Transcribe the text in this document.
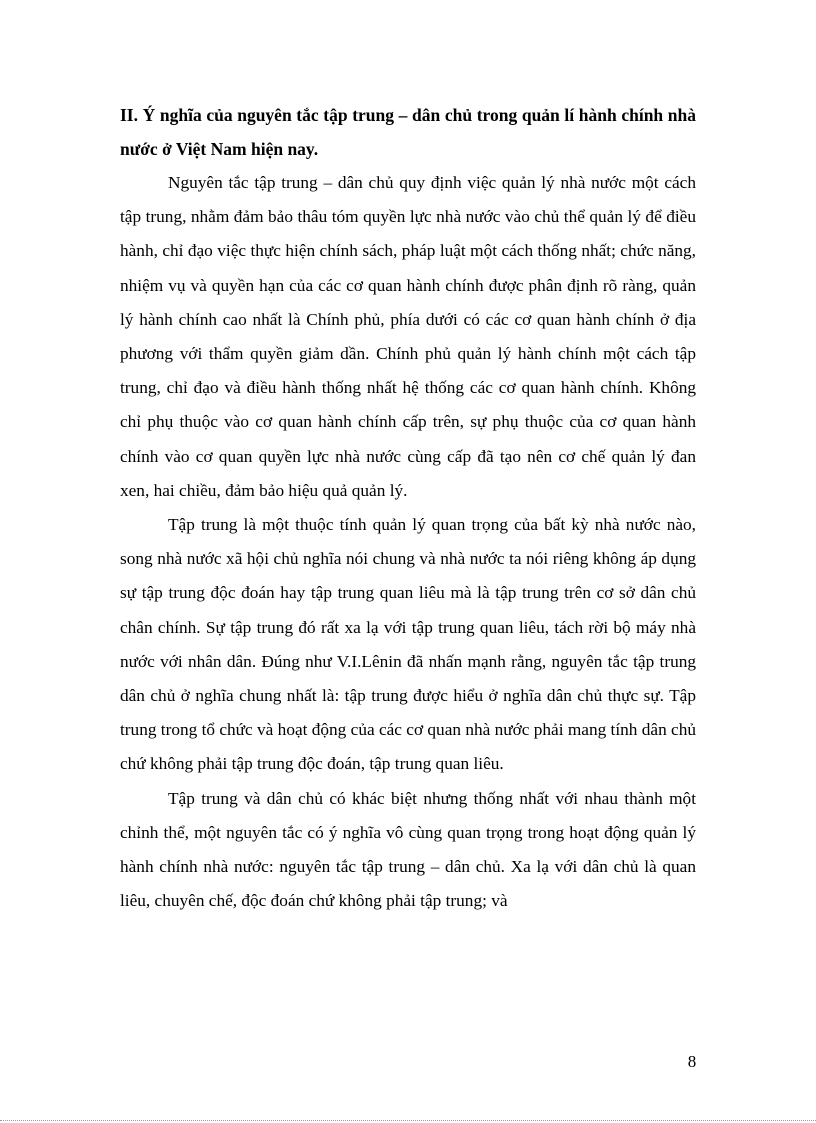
II. Ý nghĩa của nguyên tắc tập trung – dân chủ trong quản lí hành chính nhà nước ở Việt Nam hiện nay.

Nguyên tắc tập trung – dân chủ quy định việc quản lý nhà nước một cách tập trung, nhằm đảm bảo thâu tóm quyền lực nhà nước vào chủ thể quản lý để điều hành, chỉ đạo việc thực hiện chính sách, pháp luật một cách thống nhất; chức năng, nhiệm vụ và quyền hạn của các cơ quan hành chính được phân định rõ ràng, quản lý hành chính cao nhất là Chính phủ, phía dưới có các cơ quan hành chính ở địa phương với thẩm quyền giảm dần. Chính phủ quản lý hành chính một cách tập trung, chỉ đạo và điều hành thống nhất hệ thống các cơ quan hành chính. Không chỉ phụ thuộc vào cơ quan hành chính cấp trên, sự phụ thuộc của cơ quan hành chính vào cơ quan quyền lực nhà nước cùng cấp đã tạo nên cơ chế quản lý đan xen, hai chiều, đảm bảo hiệu quả quản lý.

Tập trung là một thuộc tính quản lý quan trọng của bất kỳ nhà nước nào, song nhà nước xã hội chủ nghĩa nói chung và nhà nước ta nói riêng không áp dụng sự tập trung độc đoán hay tập trung quan liêu mà là tập trung trên cơ sở dân chủ chân chính. Sự tập trung đó rất xa lạ với tập trung quan liêu, tách rời bộ máy nhà nước với nhân dân. Đúng như V.I.Lênin đã nhấn mạnh rằng, nguyên tắc tập trung dân chủ ở nghĩa chung nhất là: tập trung được hiểu ở nghĩa dân chủ thực sự. Tập trung trong tổ chức và hoạt động của các cơ quan nhà nước phải mang tính dân chủ chứ không phải tập trung độc đoán, tập trung quan liêu.

Tập trung và dân chủ có khác biệt nhưng thống nhất với nhau thành một chỉnh thể, một nguyên tắc có ý nghĩa vô cùng quan trọng trong hoạt động quản lý hành chính nhà nước: nguyên tắc tập trung – dân chủ. Xa lạ với dân chủ là quan liêu, chuyên chế, độc đoán chứ không phải tập trung; và

8
